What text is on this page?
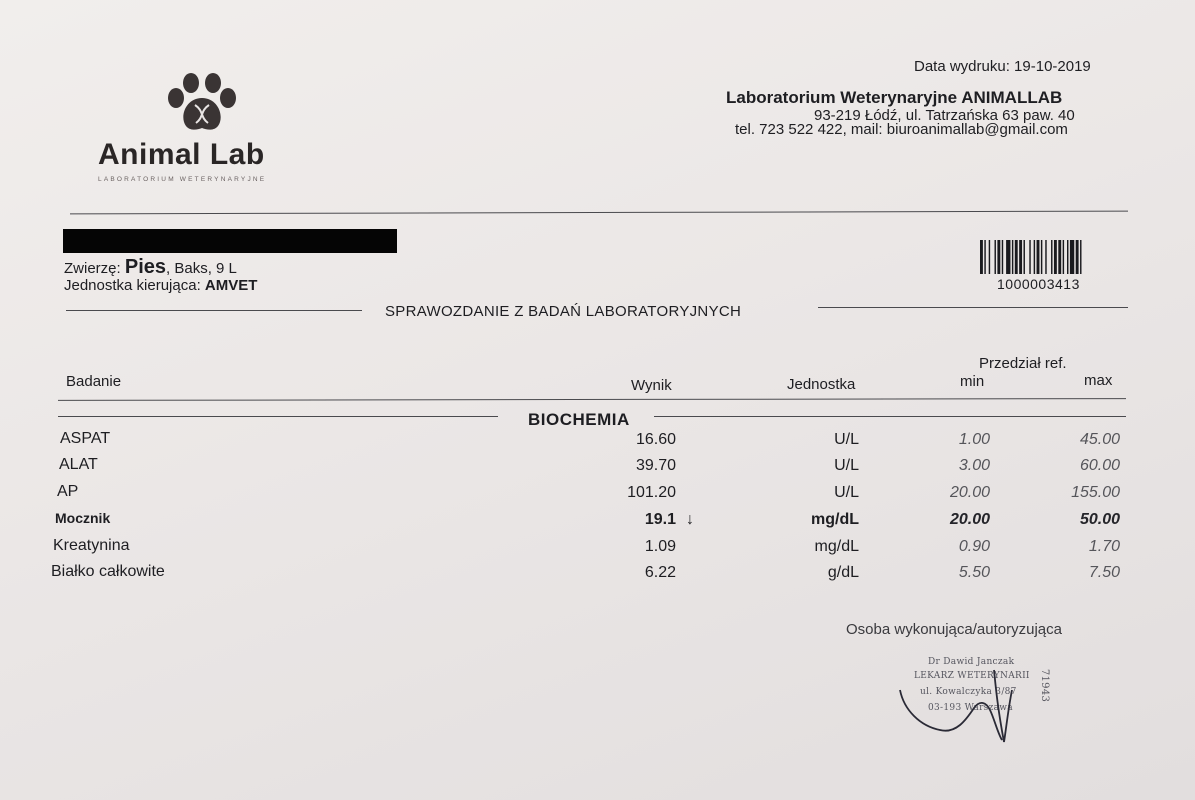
Animal Lab
LABORATORIUM WETERYNARYJNE
Data wydruku: 19-10-2019
Laboratorium Weterynaryjne ANIMALLAB
93-219 Łódź, ul. Tatrzańska 63 paw. 40
tel. 723 522 422, mail: biuroanimallab@gmail.com
Zwierzę: Pies, Baks, 9 L
Jednostka kierująca: AMVET	1000003413
SPRAWOZDANIE Z BADAŃ LABORATORYJNYCH
Badanie	Wynik	Jednostka
Przedział ref.
min	max
BIOCHEMIA
ASPAT	16.60	U/L	1.00	45.00
ALAT	39.70	U/L	3.00	60.00
AP	101.20	U/L	20.00	155.00
Mocznik	19.1 ↓	mg/dL	20.00	50.00
Kreatynina	1.09	mg/dL	0.90	1.70
Białko całkowite	6.22	g/dL	5.50	7.50
Osoba wykonująca/autoryzująca
Dr Dawid Janczak
LEKARZ WETERYNARII
ul. Kowalczyka 3/87
03-193 Warszawa
71943
